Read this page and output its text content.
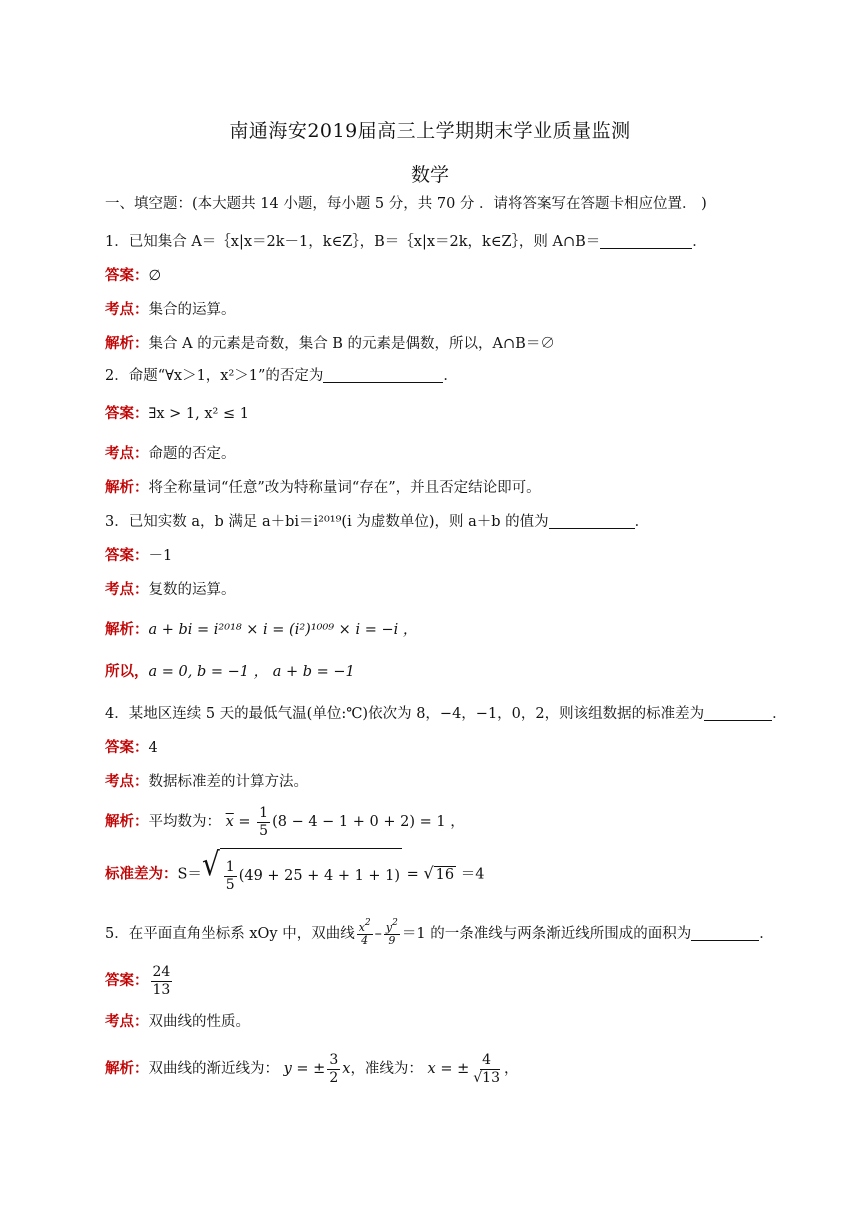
南通海安2019届高三上学期期末学业质量监测
数学
一、填空题：(本大题共 14 小题，每小题 5 分，共 70 分 ．请将答案写在答题卡相应位置． )
1．已知集合 A＝｛x|x＝2k－1，k∈Z｝，B＝｛x|x＝2k，k∈Z｝，则 A∩B＝	．
答案：∅
考点：集合的运算。
解析：集合 A 的元素是奇数，集合 B 的元素是偶数，所以，A∩B＝∅
2．命题“∀x＞1，x²＞1”的否定为	．
答案：∃x > 1, x² ≤ 1
考点：命题的否定。
解析：将全称量词“任意”改为特称量词“存在”，并且否定结论即可。
3．已知实数 a，b 满足 a＋bi＝i²⁰¹⁹(i 为虚数单位)，则 a＋b 的值为	．
答案：－1
考点：复数的运算。
解析：a + bi = i²⁰¹⁸ × i = (i²)¹⁰⁰⁹ × i = −i ，
所以，a = 0, b = −1 ， a + b = −1
4．某地区连续 5 天的最低气温(单位:℃)依次为 8，−4，−1，0，2，则该组数据的标准差为	．
答案：4
考点：数据标准差的计算方法。
解析：平均数为： $\overline{x} = \frac{1}{5} (8 - 4 - 1 + 0 + 2) = 1$ ，
标准差为：S＝ √ $\frac{1}{5} (49 + 25 + 4 + 1 + 1)$ = √ 16 ＝4
5．在平面直角坐标系 xOy 中，双曲线 $\frac{x^2}{4} - \frac{y^2}{9} =1$ 的一条准线与两条渐近线所围成的面积为	．
答案： $\frac{24}{13}$
考点：双曲线的性质。
解析：双曲线的渐近线为： y = ± $\frac{3}{2}$ x，准线为： x = ± $\frac{4}{√13}$ ，
